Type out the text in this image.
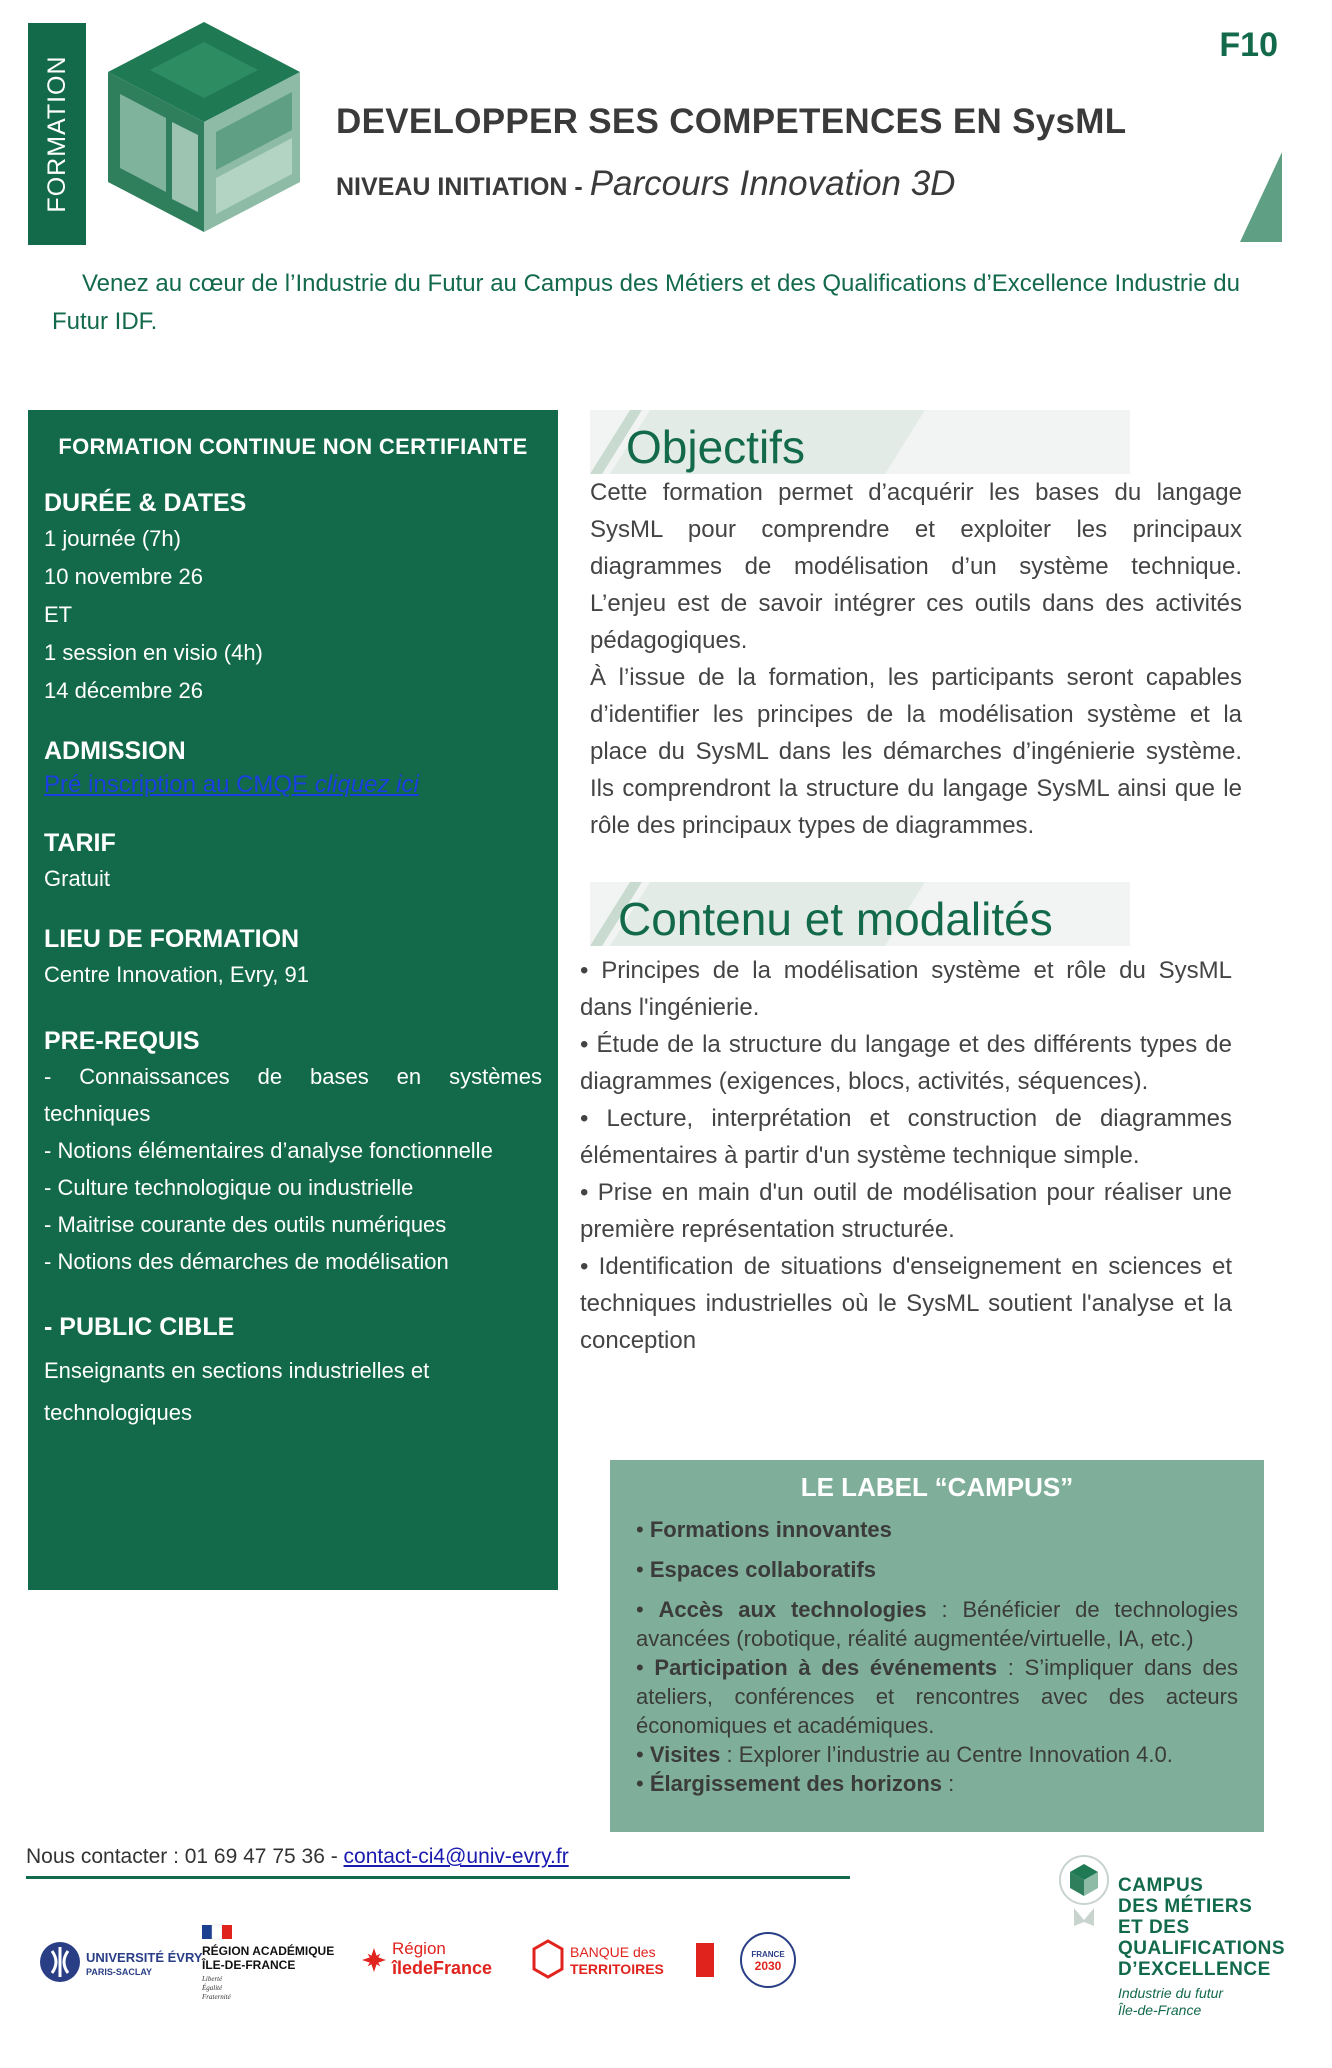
FORMATION
F10
DEVELOPPER SES COMPETENCES EN SysML
NIVEAU INITIATION - Parcours Innovation 3D
Venez au cœur de l’Industrie du Futur au Campus des Métiers et des Qualifications d’Excellence Industrie du Futur IDF.
FORMATION CONTINUE NON CERTIFIANTE
DURÉE & DATES
1 journée (7h)
10 novembre 26
ET
1 session en visio (4h)
14 décembre 26
ADMISSION
Pré inscription au CMQE cliquez ici
TARIF
Gratuit
LIEU DE FORMATION
Centre Innovation, Evry, 91
PRE-REQUIS
- Connaissances de bases en systèmes techniques
- Notions élémentaires d’analyse fonctionnelle
- Culture technologique ou industrielle
- Maitrise courante des outils numériques
- Notions des démarches de modélisation
- PUBLIC CIBLE
Enseignants en sections industrielles et
technologiques
Objectifs
Cette formation permet d’acquérir les bases du langage SysML pour comprendre et exploiter les principaux diagrammes de modélisation d’un système technique. L’enjeu est de savoir intégrer ces outils dans des activités pédagogiques.
À l’issue de la formation, les participants seront capables d’identifier les principes de la modélisation système et la place du SysML dans les démarches d’ingénierie système. Ils comprendront la structure du langage SysML ainsi que le rôle des principaux types de diagrammes.
Contenu et modalités
• Principes de la modélisation système et rôle du SysML dans l'ingénierie.
• Étude de la structure du langage et des différents types de diagrammes (exigences, blocs, activités, séquences).
• Lecture, interprétation et construction de diagrammes élémentaires à partir d'un système technique simple.
• Prise en main d'un outil de modélisation pour réaliser une première représentation structurée.
• Identification de situations d'enseignement en sciences et techniques industrielles où le SysML soutient l'analyse et la conception
LE LABEL “CAMPUS”
• Formations innovantes
• Espaces collaboratifs
• Accès aux technologies : Bénéficier de technologies avancées (robotique, réalité augmentée/virtuelle, IA, etc.)
• Participation à des événements : S’impliquer dans des ateliers, conférences et rencontres avec des acteurs économiques et académiques.
• Visites : Explorer l’industrie au Centre Innovation 4.0.
• Élargissement des horizons :
Nous contacter : 01 69 47 75 36 - contact-ci4@univ-evry.fr
UNIVERSITÉ ÉVRY
PARIS-SACLAY
RÉGION ACADÉMIQUE
ÎLE-DE-FRANCE
Liberté
Égalité
Fraternité
Région
îledeFrance
BANQUE des
TERRITOIRES
FRANCE
2030
CAMPUS
DES MÉTIERS
ET DES
QUALIFICATIONS
D’EXCELLENCE
Industrie du futur
Île-de-France
